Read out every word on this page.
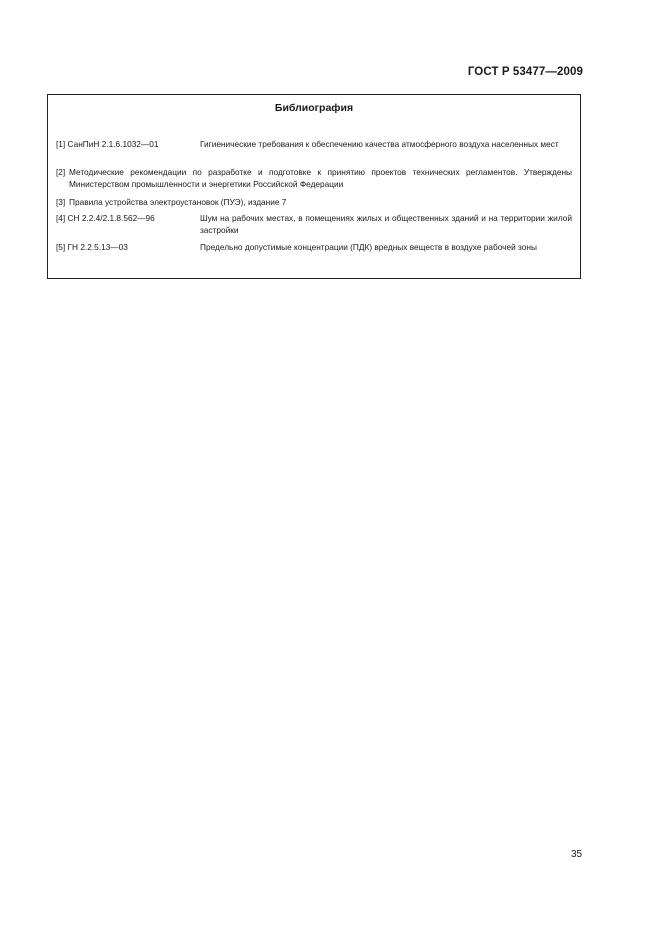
ГОСТ Р 53477—2009
Библиография
[1] СанПиН 2.1.6.1032—01	Гигиенические требования к обеспечению качества атмосферного воздуха населенных мест
[2] Методические рекомендации по разработке и подготовке к принятию проектов технических регламентов. Утверждены Министерством промышленности и энергетики Российской Федерации
[3] Правила устройства электроустановок (ПУЭ), издание 7
[4] СН 2.2.4/2.1.8.562—96	Шум на рабочих местах, в помещениях жилых и общественных зданий и на территории жилой застройки
[5] ГН 2.2.5.13—03	Предельно допустимые концентрации (ПДК) вредных веществ в воздухе рабочей зоны
35
